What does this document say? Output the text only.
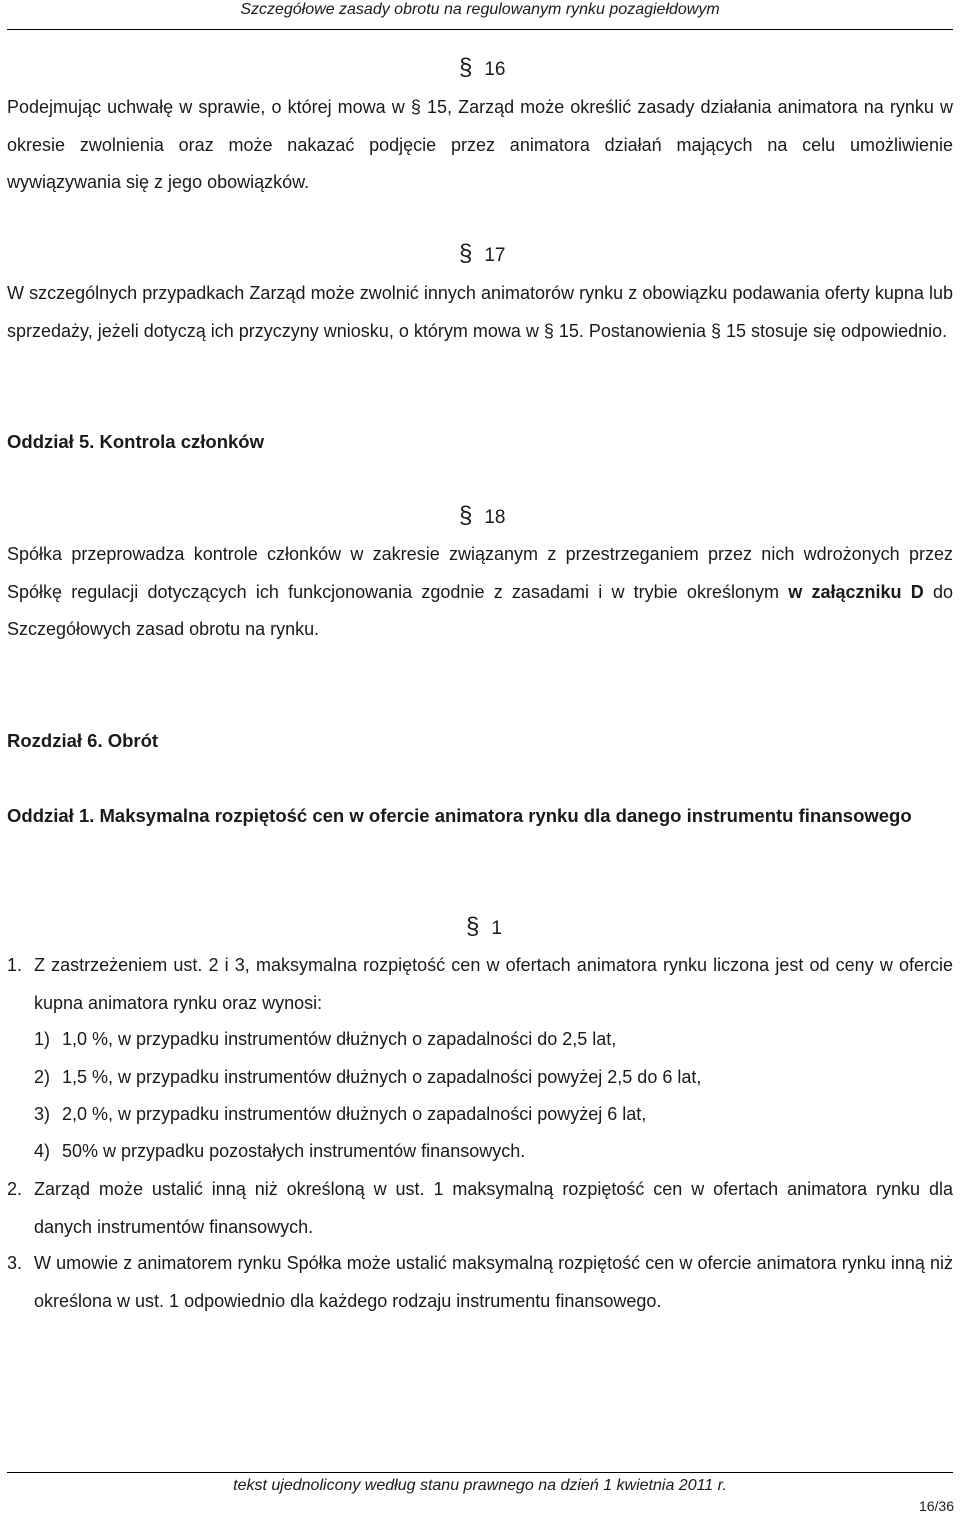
Szczegółowe zasady obrotu na regulowanym rynku pozagiełdowym
§ 16

Podejmując uchwałę w sprawie, o której mowa w § 15, Zarząd może określić zasady działania animatora na rynku w okresie zwolnienia oraz może nakazać podjęcie przez animatora działań mających na celu umożliwienie wywiązywania się z jego obowiązków.

§ 17

W szczególnych przypadkach Zarząd może zwolnić innych animatorów rynku z obowiązku podawania oferty kupna lub sprzedaży, jeżeli dotyczą ich przyczyny wniosku, o którym mowa w § 15. Postanowienia § 15 stosuje się odpowiednio.

Oddział 5. Kontrola członków

§ 18

Spółka przeprowadza kontrole członków w zakresie związanym z przestrzeganiem przez nich wdrożonych przez Spółkę regulacji dotyczących ich funkcjonowania zgodnie z zasadami i w trybie określonym w załączniku D do Szczegółowych zasad obrotu na rynku.

Rozdział 6. Obrót

Oddział 1. Maksymalna rozpiętość cen w ofercie animatora rynku dla danego instrumentu finansowego

§ 1
1. Z zastrzeżeniem ust. 2 i 3, maksymalna rozpiętość cen w ofertach animatora rynku liczona jest od ceny w ofercie kupna animatora rynku oraz wynosi:
1) 1,0 %, w przypadku instrumentów dłużnych o zapadalności do 2,5 lat,
2) 1,5 %, w przypadku instrumentów dłużnych o zapadalności powyżej 2,5 do 6 lat,
3) 2,0 %, w przypadku instrumentów dłużnych o zapadalności powyżej 6 lat,
4) 50% w przypadku pozostałych instrumentów finansowych.
2. Zarząd może ustalić inną niż określoną w ust. 1 maksymalną rozpiętość cen w ofertach animatora rynku dla danych instrumentów finansowych.
3. W umowie z animatorem rynku Spółka może ustalić maksymalną rozpiętość cen w ofercie animatora rynku inną niż określona w ust. 1 odpowiednio dla każdego rodzaju instrumentu finansowego.
tekst ujednolicony według stanu prawnego na dzień 1 kwietnia 2011 r.
16/36
